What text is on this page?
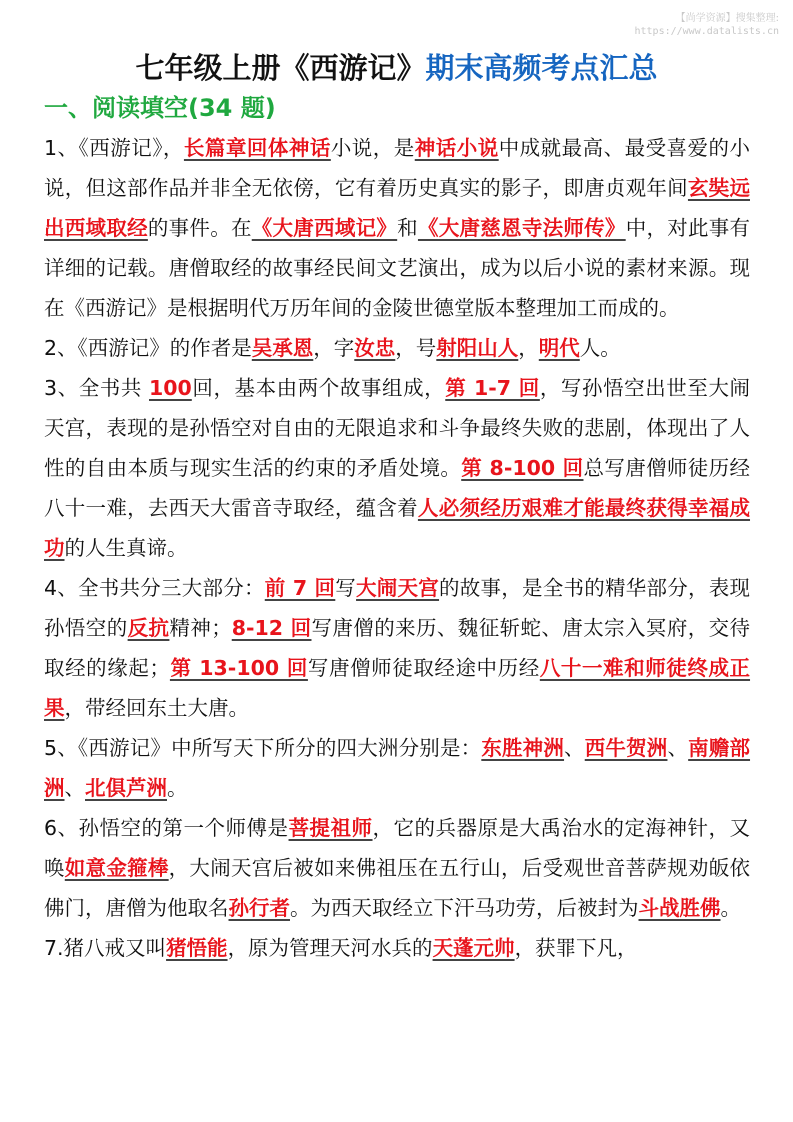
【尚学资源】搜集整理:
https://www.datalists.cn
七年级上册《西游记》期末高频考点汇总
一、阅读填空(34 题)

1、《西游记》，长篇章回体神话小说，是神话小说中成就最高、最受喜爱的小说，但这部作品并非全无依傍，它有着历史真实的影子，即唐贞观年间玄奘远出西域取经的事件。在《大唐西域记》和《大唐慈恩寺法师传》中，对此事有详细的记载。唐僧取经的故事经民间文艺演出，成为以后小说的素材来源。现在《西游记》是根据明代万历年间的金陵世德堂版本整理加工而成的。

2、《西游记》的作者是吴承恩，字汝忠，号射阳山人，明代人。

3、全书共 100回，基本由两个故事组成，第 1-7 回，写孙悟空出世至大闹天宫，表现的是孙悟空对自由的无限追求和斗争最终失败的悲剧，体现出了人性的自由本质与现实生活的约束的矛盾处境。第 8-100 回总写唐僧师徒历经八十一难，去西天大雷音寺取经，蕴含着人必须经历艰难才能最终获得幸福成功的人生真谛。

4、全书共分三大部分：前 7 回写大闹天宫的故事，是全书的精华部分，表现孙悟空的反抗精神；8-12 回写唐僧的来历、魏征斩蛇、唐太宗入冥府，交待取经的缘起；第 13-100 回写唐僧师徒取经途中历经八十一难和师徒终成正果，带经回东土大唐。

5、《西游记》中所写天下所分的四大洲分别是：东胜神洲、西牛贺洲、南赡部洲、北俱芦洲。

6、孙悟空的第一个师傅是菩提祖师，它的兵器原是大禹治水的定海神针，又唤如意金箍棒，大闹天宫后被如来佛祖压在五行山，后受观世音菩萨规劝皈依佛门，唐僧为他取名孙行者。为西天取经立下汗马功劳，后被封为斗战胜佛。

7.猪八戒又叫猪悟能，原为管理天河水兵的天蓬元帅，获罪下凡，
